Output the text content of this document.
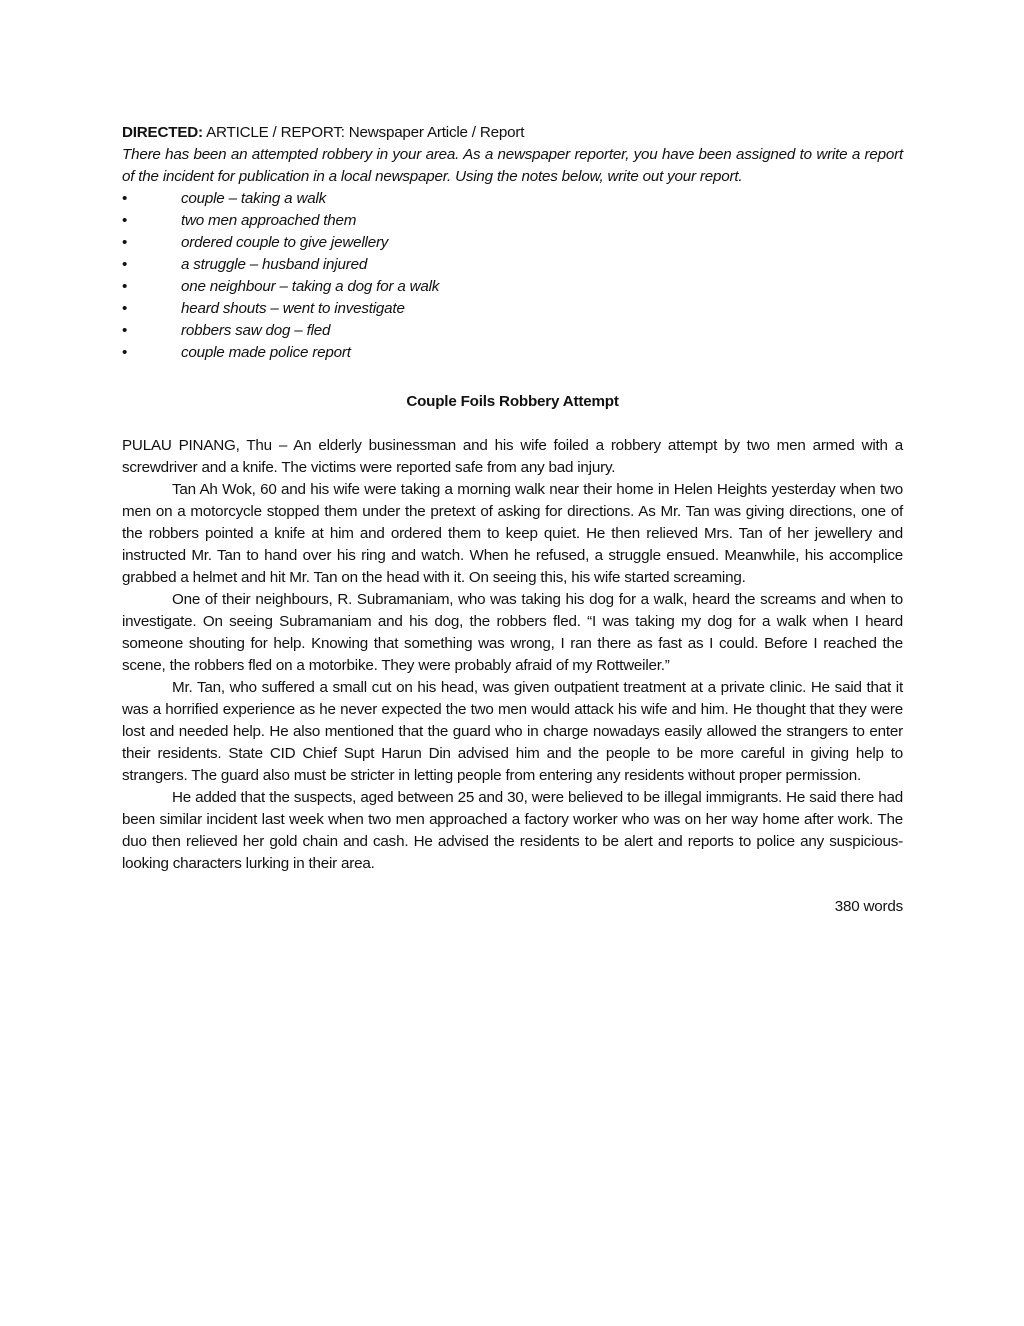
DIRECTED: ARTICLE / REPORT: Newspaper Article / Report

There has been an attempted robbery in your area. As a newspaper reporter, you have been assigned to write a report of the incident for publication in a local newspaper. Using the notes below, write out your report.

•	couple – taking a walk
•	two men approached them
•	ordered couple to give jewellery
•	a struggle – husband injured
•	one neighbour – taking a dog for a walk
•	heard shouts – went to investigate
•	robbers saw dog – fled
•	couple made police report

Couple Foils Robbery Attempt

PULAU PINANG, Thu – An elderly businessman and his wife foiled a robbery attempt by two men armed with a screwdriver and a knife. The victims were reported safe from any bad injury.

Tan Ah Wok, 60 and his wife were taking a morning walk near their home in Helen Heights yesterday when two men on a motorcycle stopped them under the pretext of asking for directions. As Mr. Tan was giving directions, one of the robbers pointed a knife at him and ordered them to keep quiet. He then relieved Mrs. Tan of her jewellery and instructed Mr. Tan to hand over his ring and watch. When he refused, a struggle ensued. Meanwhile, his accomplice grabbed a helmet and hit Mr. Tan on the head with it. On seeing this, his wife started screaming.

One of their neighbours, R. Subramaniam, who was taking his dog for a walk, heard the screams and when to investigate. On seeing Subramaniam and his dog, the robbers fled. “I was taking my dog for a walk when I heard someone shouting for help. Knowing that something was wrong, I ran there as fast as I could. Before I reached the scene, the robbers fled on a motorbike. They were probably afraid of my Rottweiler.”

Mr. Tan, who suffered a small cut on his head, was given outpatient treatment at a private clinic. He said that it was a horrified experience as he never expected the two men would attack his wife and him. He thought that they were lost and needed help. He also mentioned that the guard who in charge nowadays easily allowed the strangers to enter their residents. State CID Chief Supt Harun Din advised him and the people to be more careful in giving help to strangers. The guard also must be stricter in letting people from entering any residents without proper permission.

He added that the suspects, aged between 25 and 30, were believed to be illegal immigrants. He said there had been similar incident last week when two men approached a factory worker who was on her way home after work. The duo then relieved her gold chain and cash. He advised the residents to be alert and reports to police any suspicious-looking characters lurking in their area.

380 words
